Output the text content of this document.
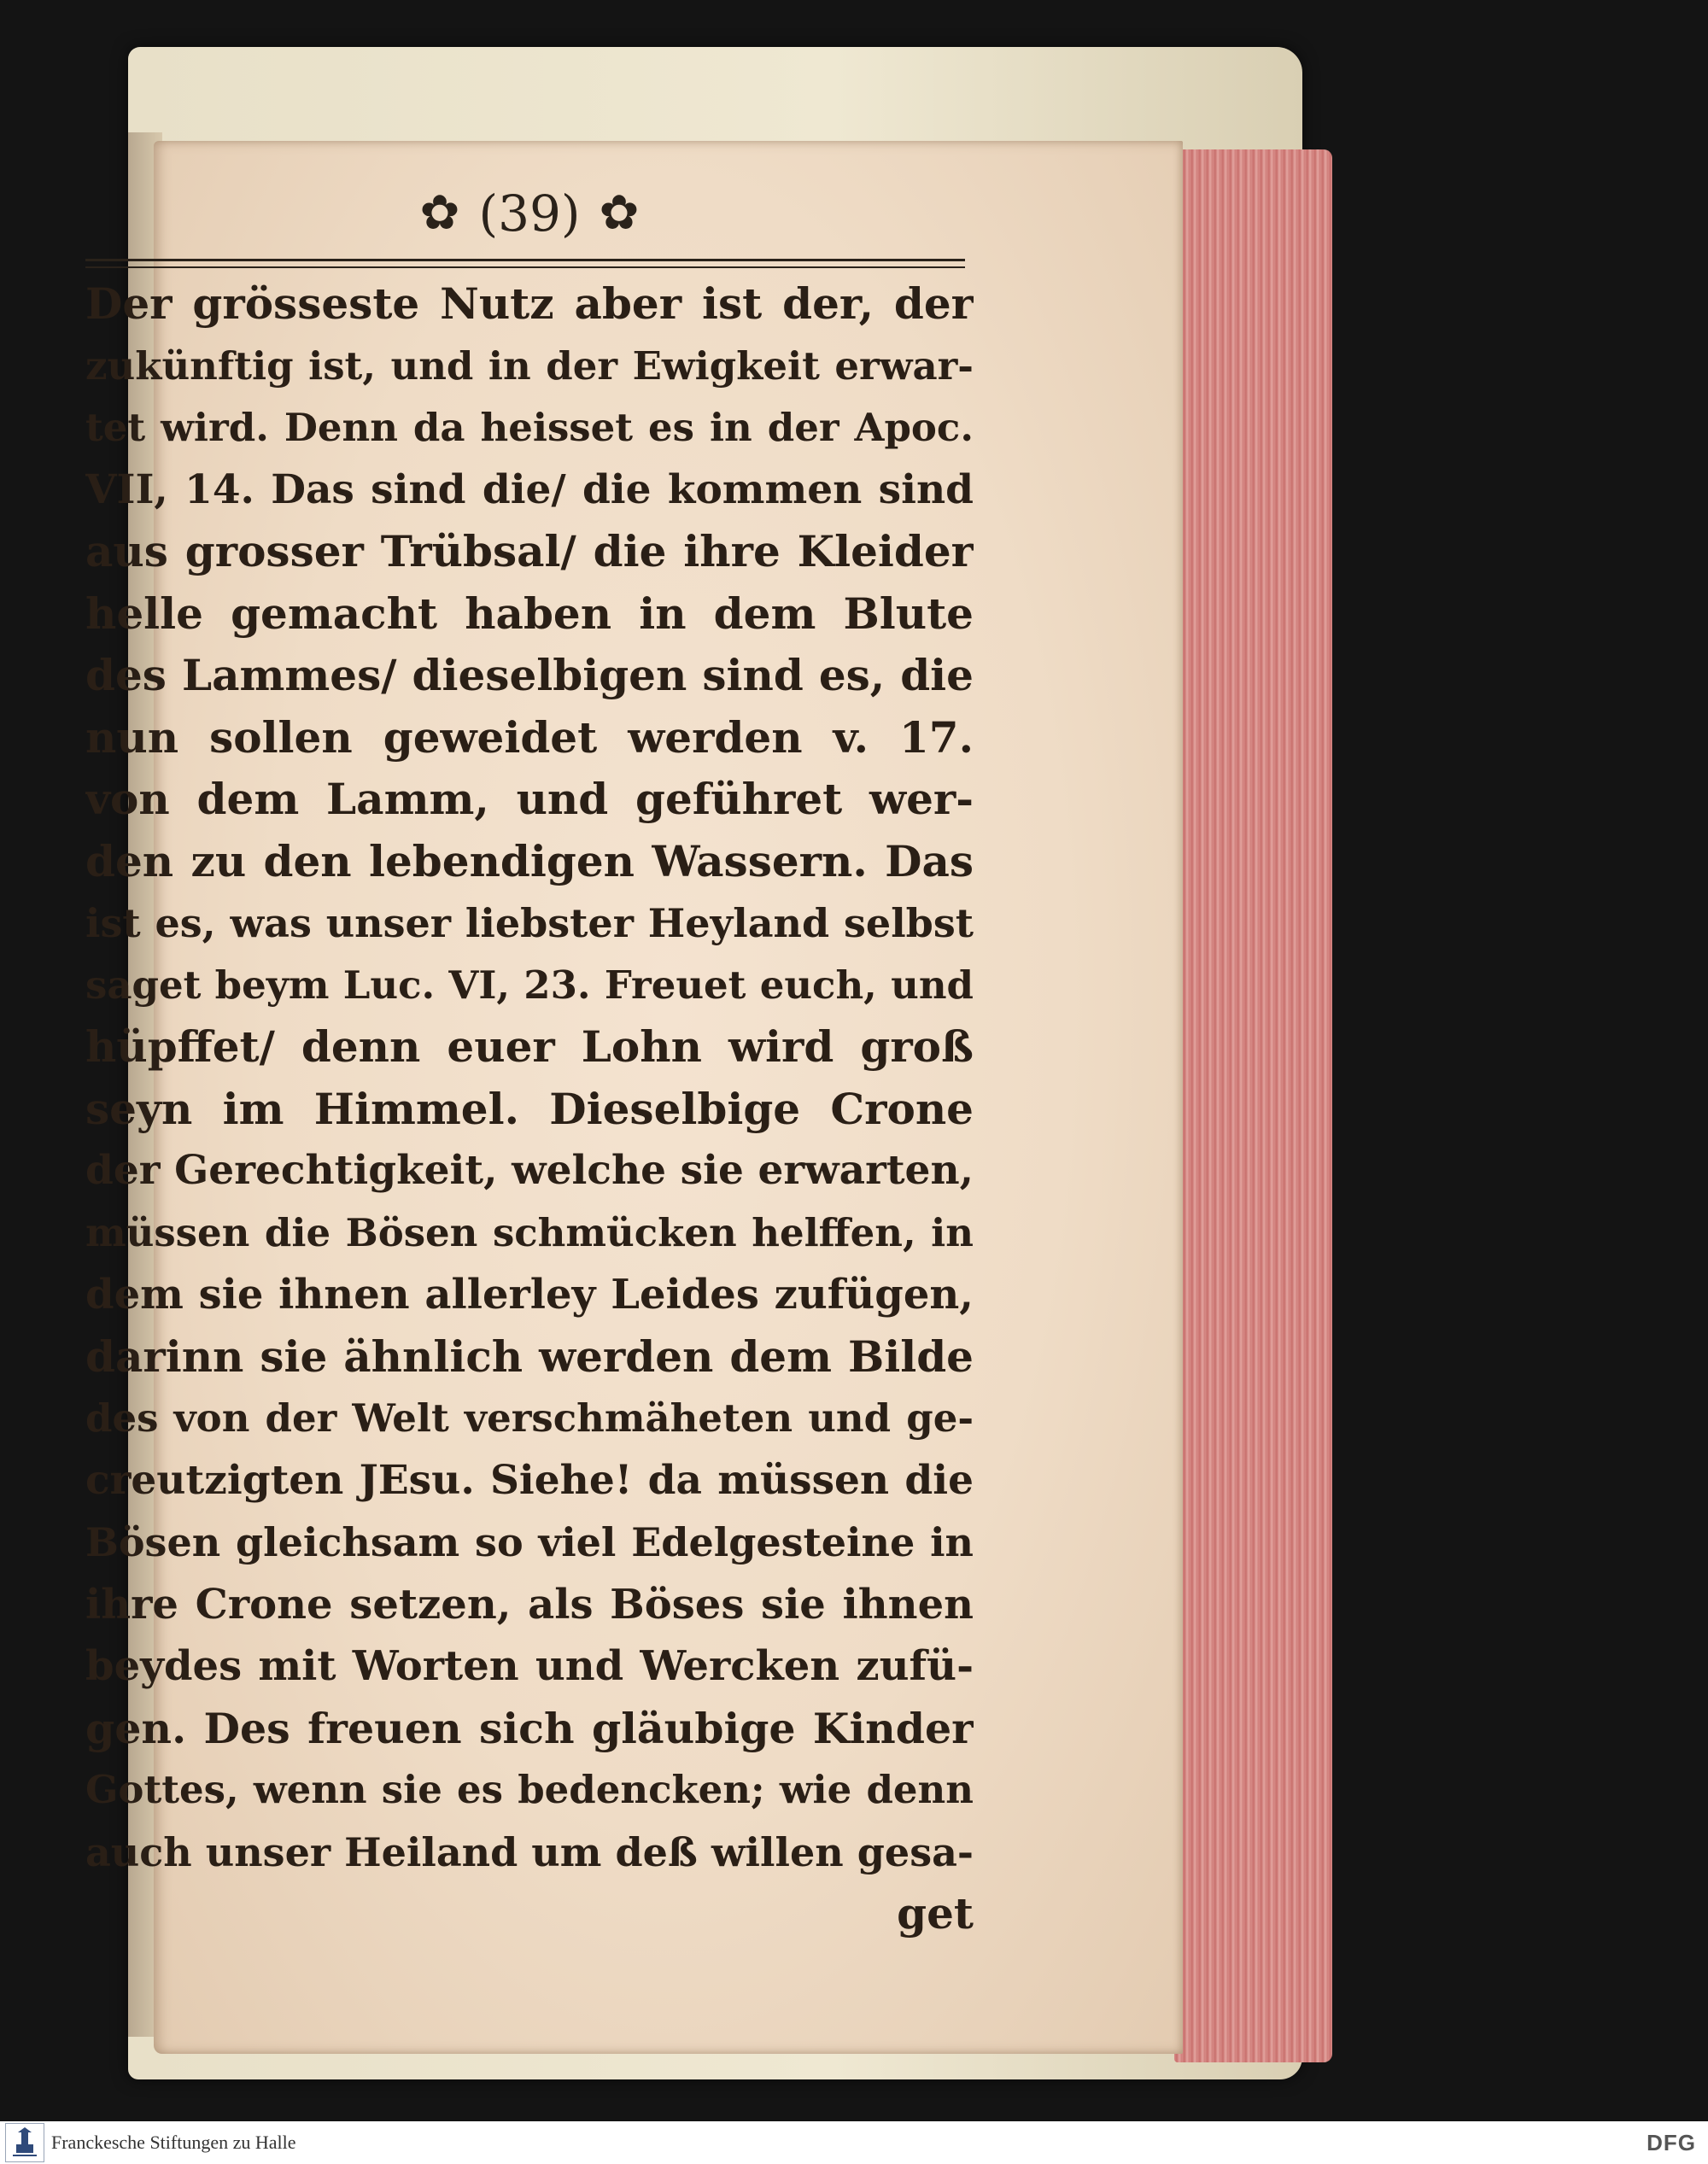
✿ (39) ✿
Der grösseste Nutz aber ist der, der
zukünftig ist, und in der Ewigkeit erwar-
tet wird. Denn da heisset es in der Apoc.
VII, 14. Das sind die/ die kommen sind
aus grosser Trübsal/ die ihre Kleider
helle gemacht haben in dem Blute
des Lammes/ dieselbigen sind es, die
nun sollen geweidet werden v. 17.
von dem Lamm, und geführet wer-
den zu den lebendigen Wassern. Das
ist es, was unser liebster Heyland selbst
saget beym Luc. VI, 23. Freuet euch, und
hüpffet/ denn euer Lohn wird groß
seyn im Himmel. Dieselbige Crone
der Gerechtigkeit, welche sie erwarten,
müssen die Bösen schmücken helffen, in
dem sie ihnen allerley Leides zufügen,
darinn sie ähnlich werden dem Bilde
des von der Welt verschmäheten und ge-
creutzigten JEsu. Siehe! da müssen die
Bösen gleichsam so viel Edelgesteine in
ihre Crone setzen, als Böses sie ihnen
beydes mit Worten und Wercken zufü-
gen. Des freuen sich gläubige Kinder
Gottes, wenn sie es bedencken; wie denn
auch unser Heiland um deß willen gesa-
get
Franckesche Stiftungen zu Halle	DFG
